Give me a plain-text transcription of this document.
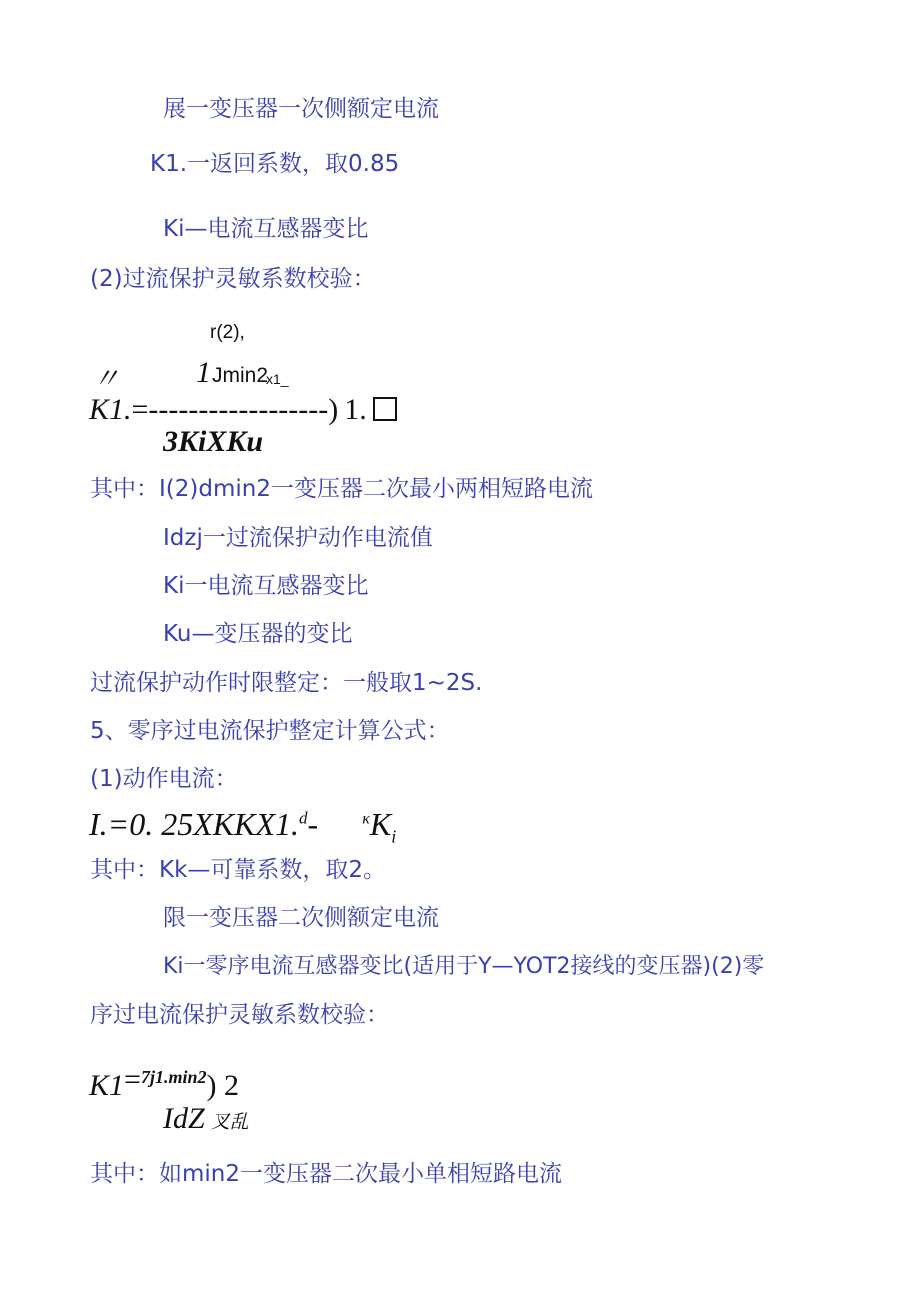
展一变压器一次侧额定电流
K1.一返回系数，取0.85
Ki—电流互感器变比
(2)过流保护灵敏系数校验：
r(2),
〃	1 Jmin2
x1_
K1.=------------------) 1.
3KiXKu
其中：I(2)dmin2一变压器二次最小两相短路电流
Idzj一过流保护动作电流值
Ki一电流互感器变比
Ku—变压器的变比
过流保护动作时限整定：一般取1~2S.
5、零序过电流保护整定计算公式：
(1)动作电流：
I.=0. 25XKKX1.$^d$-	$^\kappa K_i$
其中：Kk—可靠系数，取2。
限一变压器二次侧额定电流
Ki一零序电流互感器变比(适用于Y—YOT2接线的变压器)(2)零
序过电流保护灵敏系数校验：
K1=$^{7j1.min2}$) 2
IdZ 叉乱
其中：如min2一变压器二次最小单相短路电流
